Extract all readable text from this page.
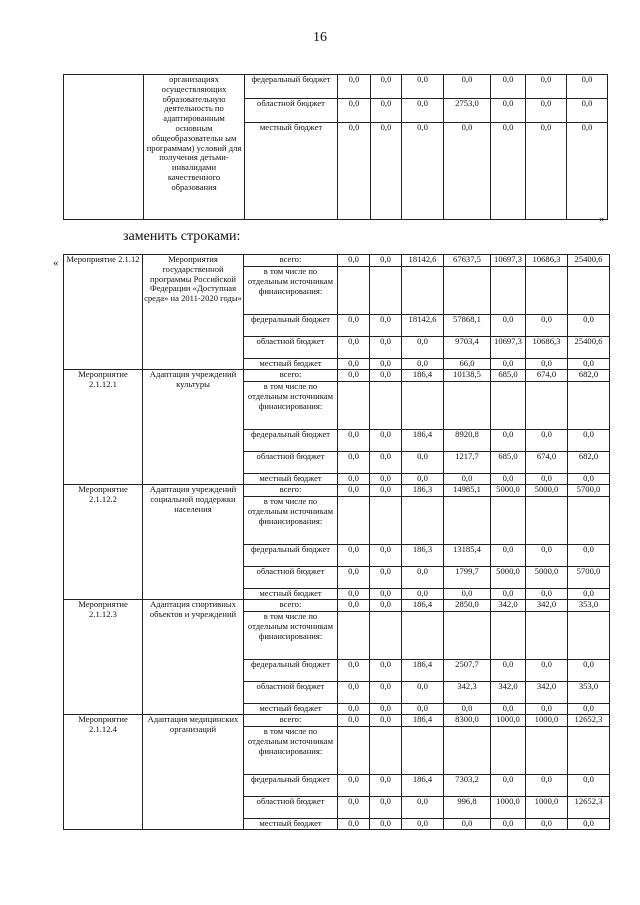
16
	организациях осуществляющих образовательную деятельность по адаптированным основным общеобразовательн ым программам) условий для получения детьми-инвалидами качественного образования	федеральный бюджет	0,0	0,0	0,0	0,0	0,0	0,0	0,0
		областной бюджет	0,0	0,0	0,0	2753,0	0,0	0,0	0,0
		местный бюджет	0,0	0,0	0,0	0,0	0,0	0,0	0,0
»
заменить строками:
« Мероприятие 2.1.12	Мероприятия государственной программы Российской Федерации «Доступная среда» на 2011-2020 годы»	всего:	0,0	0,0	18142,6	67637,5	10697,3	10686,3	25400,6
		в том числе по отдельным источникам финансирования:							
		федеральный бюджет	0,0	0,0	18142,6	57868,1	0,0	0,0	0,0
		областной бюджет	0,0	0,0	0,0	9703,4	10697,3	10686,3	25400,6
		местный бюджет	0,0	0,0	0,0	66,0	0,0	0,0	0,0
Мероприятие 2.1.12.1	Адаптация учреждений культуры	всего:	0,0	0,0	186,4	10138,5	685,0	674,0	682,0
		в том числе по отдельным источникам финансирования:							
		федеральный бюджет	0,0	0,0	186,4	8920,8	0,0	0,0	0,0
		областной бюджет	0,0	0,0	0,0	1217,7	685,0	674,0	682,0
		местный бюджет	0,0	0,0	0,0	0,0	0,0	0,0	0,0
Мероприятие 2.1.12.2	Адаптация учреждений социальной поддержки населения	всего:	0,0	0,0	186,3	14985,1	5000,0	5000,0	5700,0
		в том числе по отдельным источникам финансирования:							
		федеральный бюджет	0,0	0,0	186,3	13185,4	0,0	0,0	0,0
		областной бюджет	0,0	0,0	0,0	1799,7	5000,0	5000,0	5700,0
		местный бюджет	0,0	0,0	0,0	0,0	0,0	0,0	0,0
Мероприятие 2.1.12.3	Адаптация спортивных объектов и учреждений	всего:	0,0	0,0	186,4	2850,0	342,0	342,0	353,0
		в том числе по отдельным источникам финансирования:							
		федеральный бюджет	0,0	0,0	186,4	2507,7	0,0	0,0	0,0
		областной бюджет	0,0	0,0	0,0	342,3	342,0	342,0	353,0
		местный бюджет	0,0	0,0	0,0	0,0	0,0	0,0	0,0
Мероприятие 2.1.12.4	Адаптация медицинских организаций	всего:	0,0	0,0	186,4	8300,0	1000,0	1000,0	12652,3
		в том числе по отдельным источникам финансирования:							
		федеральный бюджет	0,0	0,0	186,4	7303,2	0,0	0,0	0,0
		областной бюджет	0,0	0,0	0,0	996,8	1000,0	1000,0	12652,3
		местный бюджет	0,0	0,0	0,0	0,0	0,0	0,0	0,0
